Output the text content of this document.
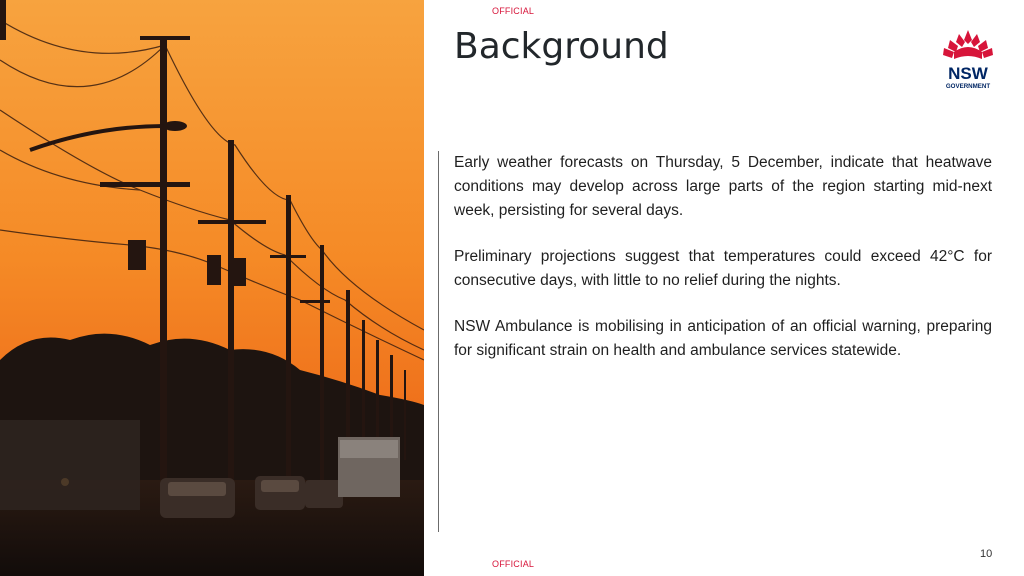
OFFICIAL
Background
NSW
GOVERNMENT

Early weather forecasts on Thursday, 5 December, indicate that heatwave conditions may develop across large parts of the region starting mid-next week, persisting for several days.

Preliminary projections suggest that temperatures could exceed 42°C for consecutive days, with little to no relief during the nights.

NSW Ambulance is mobilising in anticipation of an official warning, preparing for significant strain on health and ambulance services statewide.

10
OFFICIAL
